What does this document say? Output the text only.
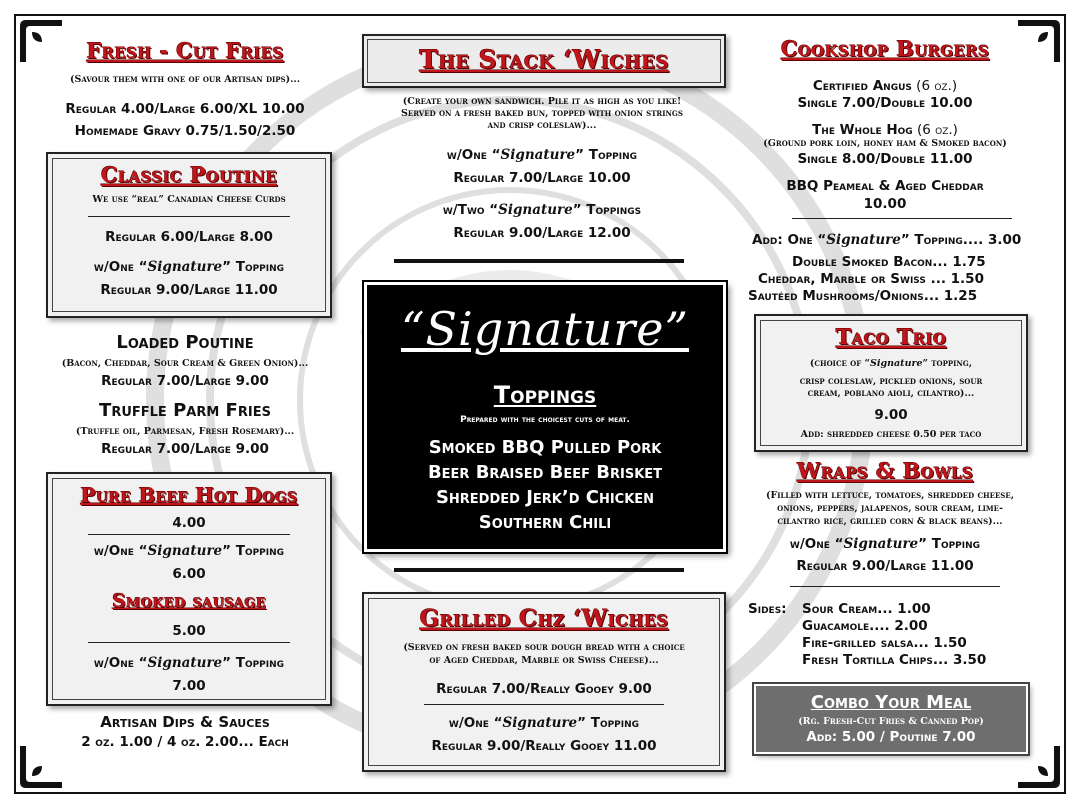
Fresh - Cut Fries
(Savour them with one of our Artisan dips)...
Regular 4.00/Large 6.00/XL 10.00
Homemade Gravy 0.75/1.50/2.50
Classic Poutine
We use “real” Canadian Cheese Curds
Regular 6.00/Large 8.00
w/One “Signature” Topping
Regular 9.00/Large 11.00
Loaded Poutine
(Bacon, Cheddar, Sour Cream & Green Onion)...
Regular 7.00/Large 9.00
Truffle Parm Fries
(Truffle oil, Parmesan, Fresh Rosemary)...
Regular 7.00/Large 9.00
Pure Beef Hot Dogs
4.00
w/One “Signature” Topping
6.00
Smoked sausage
5.00
w/One “Signature” Topping
7.00
Artisan Dips & Sauces
2 oz. 1.00 / 4 oz. 2.00... Each
The Stack ‘Wiches
(Create your own sandwich. Pile it as high as you like!
Served on a fresh baked bun, topped with onion strings
and crisp coleslaw)...
w/One “Signature” Topping
Regular 7.00/Large 10.00
w/Two “Signature” Toppings
Regular 9.00/Large 12.00
“Signature”
Toppings
Prepared with the choicest cuts of meat.
Smoked BBQ Pulled Pork
Beer Braised Beef Brisket
Shredded Jerk’d Chicken
Southern Chili
Grilled Chz ‘Wiches
(Served on fresh baked sour dough bread with a choice
of Aged Cheddar, Marble or Swiss Cheese)...
Regular 7.00/Really Gooey 9.00
w/One “Signature” Topping
Regular 9.00/Really Gooey 11.00
Cookshop Burgers
Certified Angus (6 oz.)
Single 7.00/Double 10.00
The Whole Hog (6 oz.)
(Ground pork loin, honey ham & Smoked bacon)
Single 8.00/Double 11.00
BBQ Peameal & Aged Cheddar
10.00
Add: One “Signature” Topping.... 3.00
Double Smoked Bacon... 1.75
Cheddar, Marble or Swiss ... 1.50
Sautéed Mushrooms/Onions... 1.25
Taco Trio
(choice of “Signature” topping,
crisp coleslaw, pickled onions, sour
cream, poblano aioli, cilantro)...
9.00
Add: shredded cheese 0.50 per taco
Wraps & Bowls
(Filled with lettuce, tomatoes, shredded cheese,
onions, peppers, jalapenos, sour cream, lime-
cilantro rice, grilled corn & black beans)...
w/One “Signature” Topping
Regular 9.00/Large 11.00
Sides:	Sour Cream... 1.00
Guacamole.... 2.00
Fire-grilled salsa... 1.50
Fresh Tortilla Chips... 3.50
Combo Your Meal
(Rg. Fresh-Cut Fries & Canned Pop)
Add: 5.00 / Poutine 7.00
